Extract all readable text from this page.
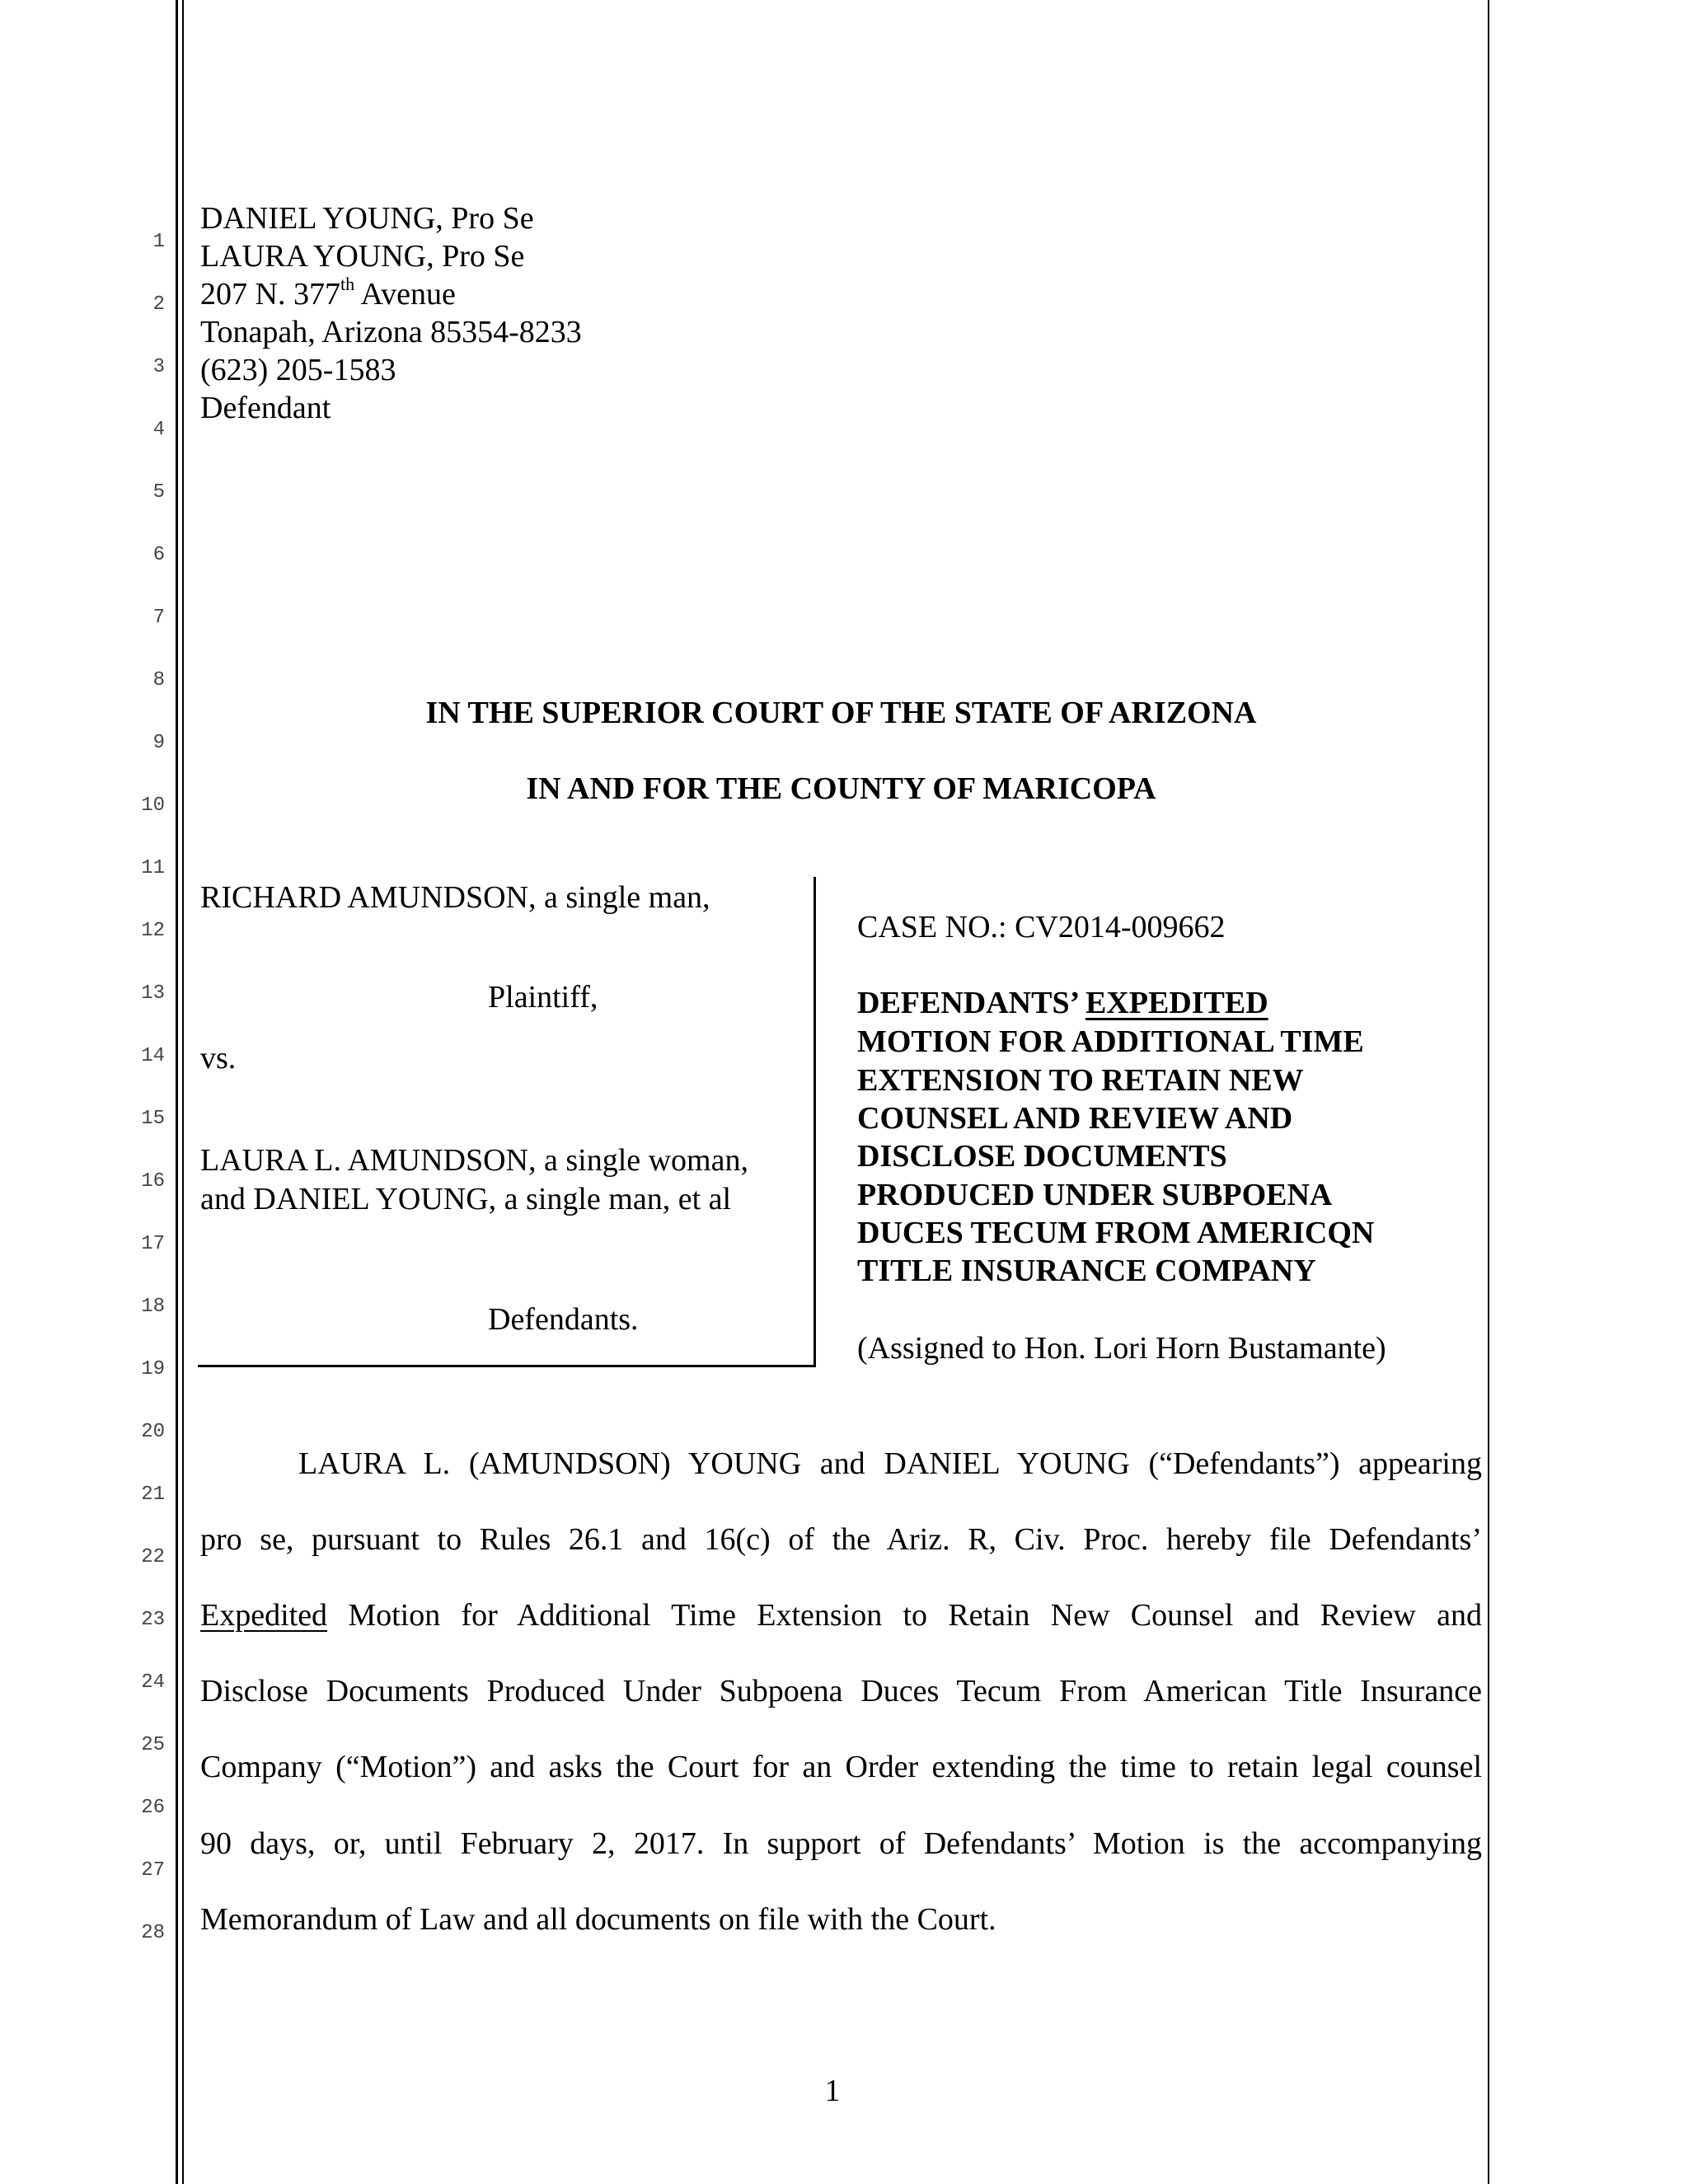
1
2
3
4
5
6
7
8
9
10
11
12
13
14
15
16
17
18
19
20
21
22
23
24
25
26
27
28
DANIEL YOUNG, Pro Se
LAURA YOUNG, Pro Se
207 N. 377th Avenue
Tonapah, Arizona 85354-8233
(623) 205-1583
Defendant
IN THE SUPERIOR COURT OF THE STATE OF ARIZONA
IN AND FOR THE COUNTY OF MARICOPA
RICHARD AMUNDSON, a single man,
Plaintiff,
vs.
LAURA L. AMUNDSON, a single woman,
and DANIEL YOUNG, a single man, et al
Defendants.
CASE NO.: CV2014-009662
DEFENDANTS’ EXPEDITED
MOTION FOR ADDITIONAL TIME
EXTENSION TO RETAIN NEW
COUNSEL AND REVIEW AND
DISCLOSE DOCUMENTS
PRODUCED UNDER SUBPOENA
DUCES TECUM FROM AMERICQN
TITLE INSURANCE COMPANY
(Assigned to Hon. Lori Horn Bustamante)
LAURA L. (AMUNDSON) YOUNG and DANIEL YOUNG (“Defendants”) appearing
pro se, pursuant to Rules 26.1 and 16(c) of the Ariz. R, Civ. Proc. hereby file Defendants’
Expedited Motion for Additional Time Extension to Retain New Counsel and Review and
Disclose Documents Produced Under Subpoena Duces Tecum From American Title Insurance
Company (“Motion”) and asks the Court for an Order extending the time to retain legal counsel
90 days, or, until February 2, 2017. In support of Defendants’ Motion is the accompanying
Memorandum of Law and all documents on file with the Court.
1
